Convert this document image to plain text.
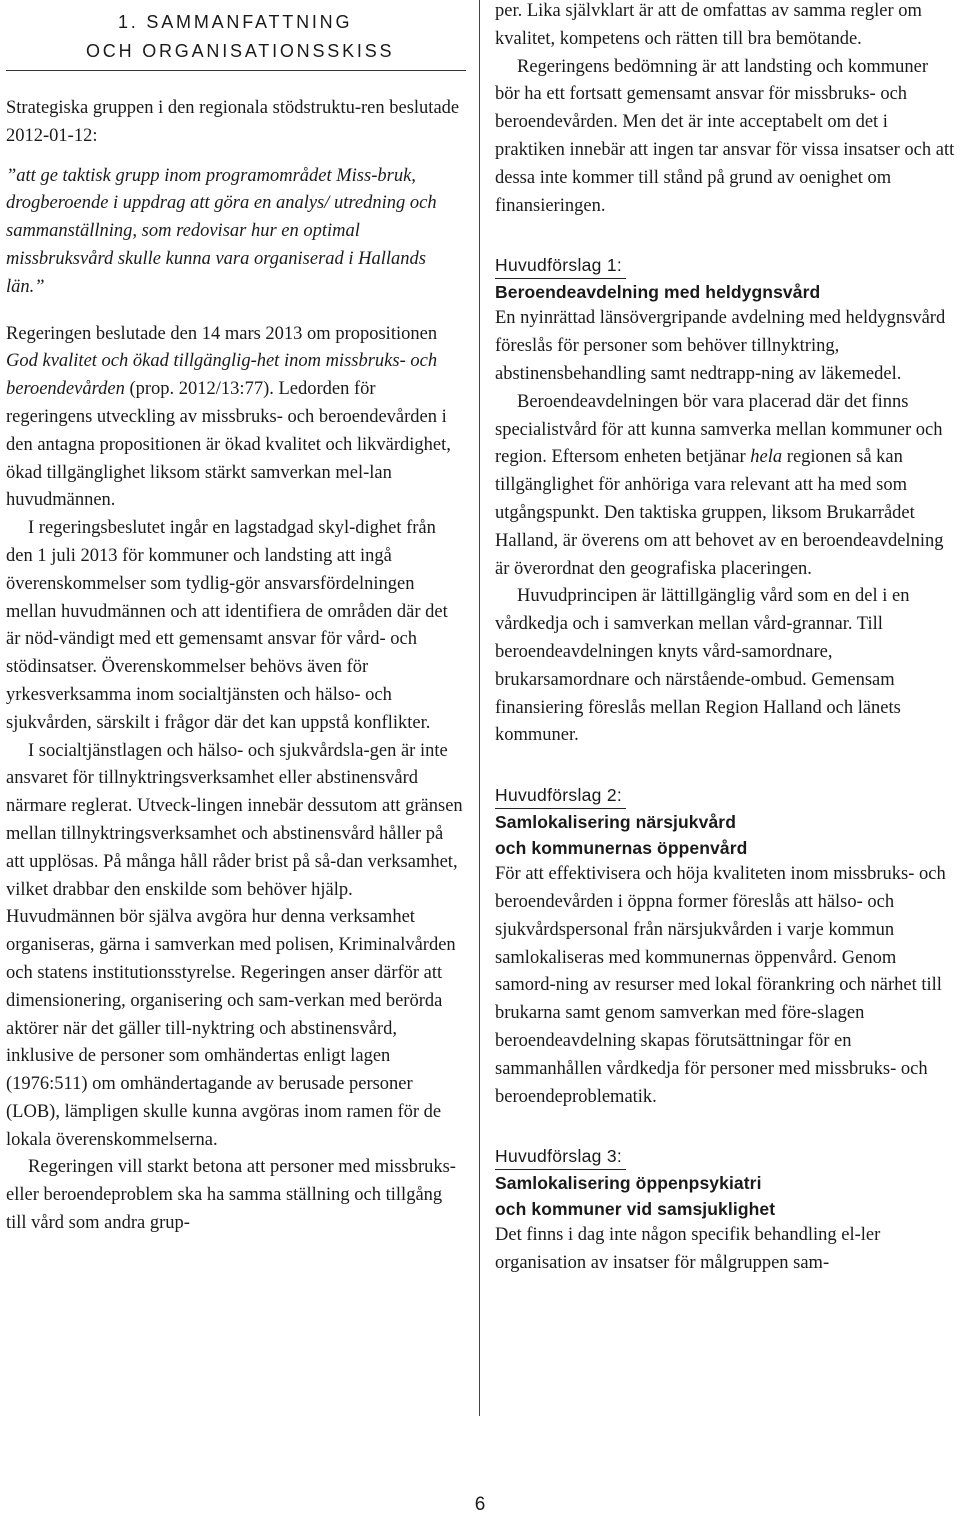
1. SAMMANFATTNING
OCH ORGANISATIONSSKISS

Strategiska gruppen i den regionala stödstruktu-ren beslutade 2012-01-12:

”att ge taktisk grupp inom programområdet Miss-bruk, drogberoende i uppdrag att göra en analys/ utredning och sammanställning, som redovisar hur en optimal missbruksvård skulle kunna vara organiserad i Hallands län.”

Regeringen beslutade den 14 mars 2013 om propositionen God kvalitet och ökad tillgänglig-het inom missbruks- och beroendevården (prop. 2012/13:77). Ledorden för regeringens utveckling av missbruks- och beroendevården i den antagna propositionen är ökad kvalitet och likvärdighet, ökad tillgänglighet liksom stärkt samverkan mel-lan huvudmännen.

I regeringsbeslutet ingår en lagstadgad skyl-dighet från den 1 juli 2013 för kommuner och landsting att ingå överenskommelser som tydlig-gör ansvarsfördelningen mellan huvudmännen och att identifiera de områden där det är nöd-vändigt med ett gemensamt ansvar för vård- och stödinsatser. Överenskommelser behövs även för yrkesverksamma inom socialtjänsten och hälso- och sjukvården, särskilt i frågor där det kan uppstå konflikter.

I socialtjänstlagen och hälso- och sjukvårdsla-gen är inte ansvaret för tillnyktringsverksamhet eller abstinensvård närmare reglerat. Utveck-lingen innebär dessutom att gränsen mellan tillnyktringsverksamhet och abstinensvård håller på att upplösas. På många håll råder brist på så-dan verksamhet, vilket drabbar den enskilde som behöver hjälp. Huvudmännen bör själva avgöra hur denna verksamhet organiseras, gärna i samverkan med polisen, Kriminalvården och statens institutionsstyrelse. Regeringen anser därför att dimensionering, organisering och sam-verkan med berörda aktörer när det gäller till-nyktring och abstinensvård, inklusive de personer som omhändertas enligt lagen (1976:511) om omhändertagande av berusade personer (LOB), lämpligen skulle kunna avgöras inom ramen för de lokala överenskommelserna.

Regeringen vill starkt betona att personer med missbruks- eller beroendeproblem ska ha samma ställning och tillgång till vård som andra grup-

per. Lika självklart är att de omfattas av samma regler om kvalitet, kompetens och rätten till bra bemötande.

Regeringens bedömning är att landsting och kommuner bör ha ett fortsatt gemensamt ansvar för missbruks- och beroendevården. Men det är inte acceptabelt om det i praktiken innebär att ingen tar ansvar för vissa insatser och att dessa inte kommer till stånd på grund av oenighet om finansieringen.

Huvudförslag 1:
Beroendeavdelning med heldygnsvård

En nyinrättad länsövergripande avdelning med heldygnsvård föreslås för personer som behöver tillnyktring, abstinensbehandling samt nedtrapp-ning av läkemedel.

Beroendeavdelningen bör vara placerad där det finns specialistvård för att kunna samverka mellan kommuner och region. Eftersom enheten betjänar hela regionen så kan tillgänglighet för anhöriga vara relevant att ha med som utgångspunkt. Den taktiska gruppen, liksom Brukarrådet Halland, är överens om att behovet av en beroendeavdelning är överordnat den geografiska placeringen.

Huvudprincipen är lättillgänglig vård som en del i en vårdkedja och i samverkan mellan vård-grannar. Till beroendeavdelningen knyts vård-samordnare, brukarsamordnare och närstående-ombud. Gemensam finansiering föreslås mellan Region Halland och länets kommuner.

Huvudförslag 2:
Samlokalisering närsjukvård
och kommunernas öppenvård

För att effektivisera och höja kvaliteten inom missbruks- och beroendevården i öppna former föreslås att hälso- och sjukvårdspersonal från närsjukvården i varje kommun samlokaliseras med kommunernas öppenvård. Genom samord-ning av resurser med lokal förankring och närhet till brukarna samt genom samverkan med före-slagen beroendeavdelning skapas förutsättningar för en sammanhållen vårdkedja för personer med missbruks- och beroendeproblematik.

Huvudförslag 3:
Samlokalisering öppenpsykiatri
och kommuner vid samsjuklighet

Det finns i dag inte någon specifik behandling el-ler organisation av insatser för målgruppen sam-

6
